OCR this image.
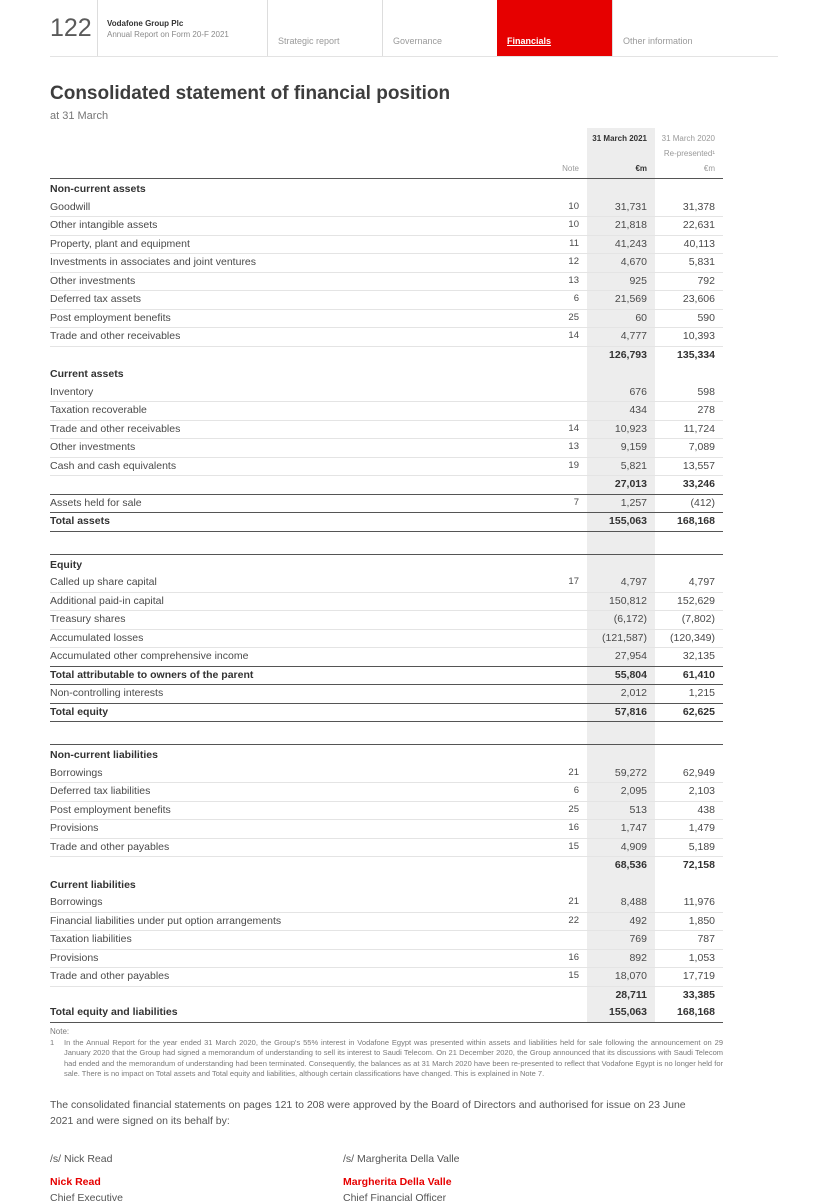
122	Vodafone Group Plc
Annual Report on Form 20-F 2021
Strategic report	Governance	Financials	Other information
Consolidated statement of financial position
at 31 March
		31 March 2021	31 March 2020
			Re-presented¹
	Note	€m	€m
Non-current assets			
Goodwill	10	31,731	31,378
Other intangible assets	10	21,818	22,631
Property, plant and equipment	11	41,243	40,113
Investments in associates and joint ventures	12	4,670	5,831
Other investments	13	925	792
Deferred tax assets	6	21,569	23,606
Post employment benefits	25	60	590
Trade and other receivables	14	4,777	10,393
		126,793	135,334
Current assets			
Inventory		676	598
Taxation recoverable		434	278
Trade and other receivables	14	10,923	11,724
Other investments	13	9,159	7,089
Cash and cash equivalents	19	5,821	13,557
		27,013	33,246
Assets held for sale	7	1,257	(412)
Total assets		155,063	168,168

Equity			
Called up share capital	17	4,797	4,797
Additional paid-in capital		150,812	152,629
Treasury shares		(6,172)	(7,802)
Accumulated losses		(121,587)	(120,349)
Accumulated other comprehensive income		27,954	32,135
Total attributable to owners of the parent		55,804	61,410
Non-controlling interests		2,012	1,215
Total equity		57,816	62,625

Non-current liabilities			
Borrowings	21	59,272	62,949
Deferred tax liabilities	6	2,095	2,103
Post employment benefits	25	513	438
Provisions	16	1,747	1,479
Trade and other payables	15	4,909	5,189
		68,536	72,158
Current liabilities			
Borrowings	21	8,488	11,976
Financial liabilities under put option arrangements	22	492	1,850
Taxation liabilities		769	787
Provisions	16	892	1,053
Trade and other payables	15	18,070	17,719
		28,711	33,385
Total equity and liabilities		155,063	168,168
Note:
1	In the Annual Report for the year ended 31 March 2020, the Group's 55% interest in Vodafone Egypt was presented within assets and liabilities held for sale following the announcement on 29 January 2020 that the Group had signed a memorandum of understanding to sell its interest to Saudi Telecom. On 21 December 2020, the Group announced that its discussions with Saudi Telecom had ended and the memorandum of understanding had been terminated. Consequently, the balances as at 31 March 2020 have been re-presented to reflect that Vodafone Egypt is no longer held for sale. There is no impact on Total assets and Total equity and liabilities, although certain classifications have changed. This is explained in Note 7.

The consolidated financial statements on pages 121 to 208 were approved by the Board of Directors and authorised for issue on 23 June 2021 and were signed on its behalf by:

/s/ Nick Read
Nick Read
Chief Executive
/s/ Margherita Della Valle
Margherita Della Valle
Chief Financial Officer
